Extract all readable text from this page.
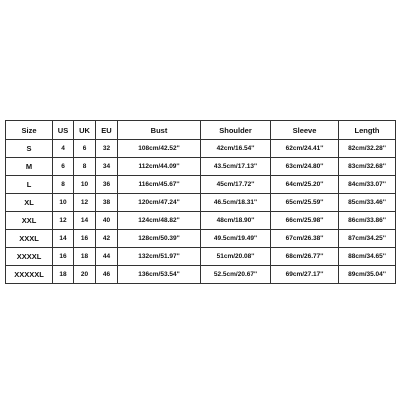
Size	US	UK	EU	Bust	Shoulder	Sleeve	Length
S	4	6	32	108cm/42.52''	42cm/16.54''	62cm/24.41''	82cm/32.28''
M	6	8	34	112cm/44.09''	43.5cm/17.13''	63cm/24.80''	83cm/32.68''
L	8	10	36	116cm/45.67''	45cm/17.72''	64cm/25.20''	84cm/33.07''
XL	10	12	38	120cm/47.24''	46.5cm/18.31''	65cm/25.59''	85cm/33.46''
XXL	12	14	40	124cm/48.82''	48cm/18.90''	66cm/25.98''	86cm/33.86''
XXXL	14	16	42	128cm/50.39''	49.5cm/19.49''	67cm/26.38''	87cm/34.25''
XXXXL	16	18	44	132cm/51.97''	51cm/20.08''	68cm/26.77''	88cm/34.65''
XXXXXL	18	20	46	136cm/53.54''	52.5cm/20.67''	69cm/27.17''	89cm/35.04''
